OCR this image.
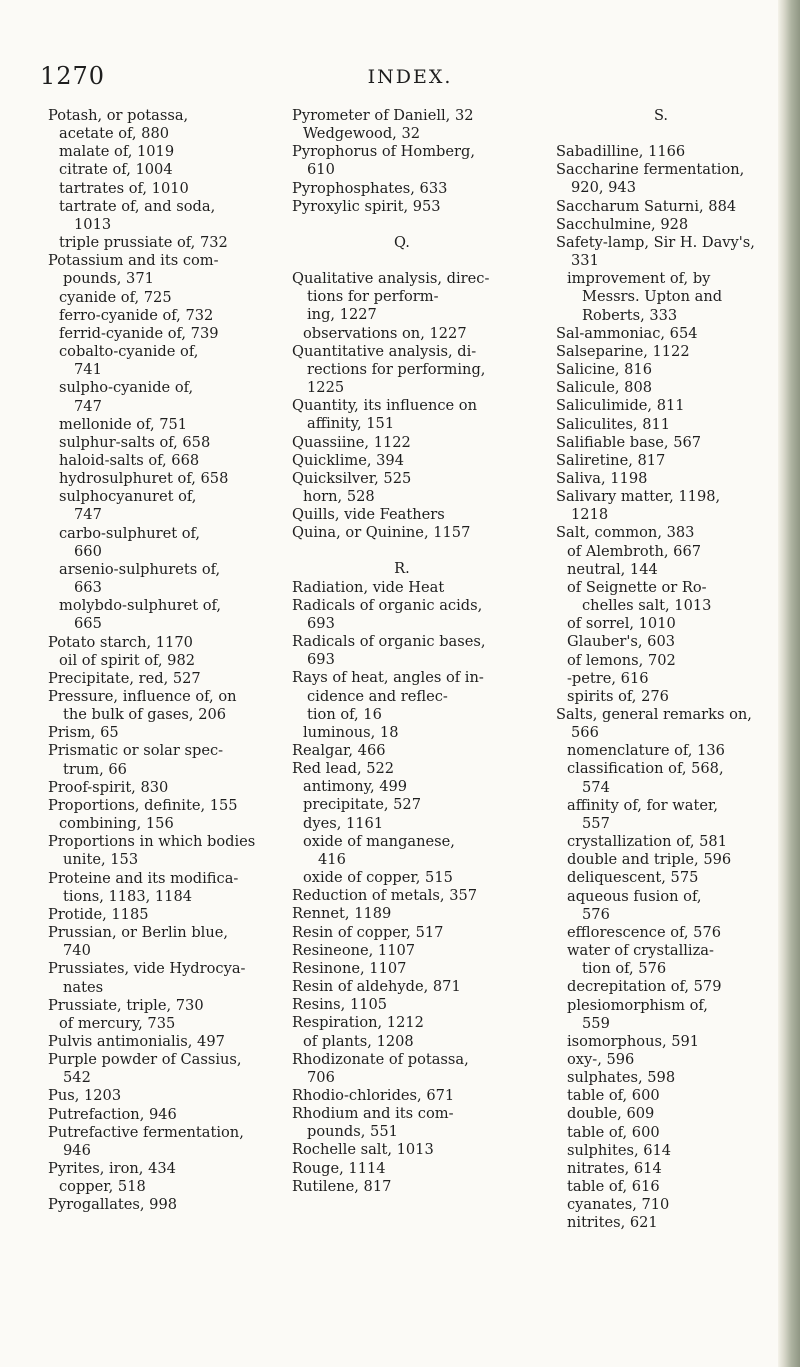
1270	INDEX.
Potash, or potassa,
acetate of, 880
malate of, 1019
citrate of, 1004
tartrates of, 1010
tartrate of, and soda,
1013
triple prussiate of, 732
Potassium and its com-
pounds, 371
cyanide of, 725
ferro-cyanide of, 732
ferrid-cyanide of, 739
cobalto-cyanide of,
741
sulpho-cyanide of,
747
mellonide of, 751
sulphur-salts of, 658
haloid-salts of, 668
hydrosulphuret of, 658
sulphocyanuret of,
747
carbo-sulphuret of,
660
arsenio-sulphurets of,
663
molybdo-sulphuret of,
665
Potato starch, 1170
oil of spirit of, 982
Precipitate, red, 527
Pressure, influence of, on
the bulk of gases, 206
Prism, 65
Prismatic or solar spec-
trum, 66
Proof-spirit, 830
Proportions, definite, 155
combining, 156
Proportions in which bodies
unite, 153
Proteine and its modifica-
tions, 1183, 1184
Protide, 1185
Prussian, or Berlin blue,
740
Prussiates, vide Hydrocya-
nates
Prussiate, triple, 730
of mercury, 735
Pulvis antimonialis, 497
Purple powder of Cassius,
542
Pus, 1203
Putrefaction, 946
Putrefactive fermentation,
946
Pyrites, iron, 434
copper, 518
Pyrogallates, 998
Pyrometer of Daniell, 32
Wedgewood, 32
Pyrophorus of Homberg,
610
Pyrophosphates, 633
Pyroxylic spirit, 953
Q.
Qualitative analysis, direc-
tions for perform-
ing, 1227
observations on, 1227
Quantitative analysis, di-
rections for performing,
1225
Quantity, its influence on
affinity, 151
Quassiine, 1122
Quicklime, 394
Quicksilver, 525
horn, 528
Quills, vide Feathers
Quina, or Quinine, 1157
R.
Radiation, vide Heat
Radicals of organic acids,
693
Radicals of organic bases,
693
Rays of heat, angles of in-
cidence and reflec-
tion of, 16
luminous, 18
Realgar, 466
Red lead, 522
antimony, 499
precipitate, 527
dyes, 1161
oxide of manganese,
416
oxide of copper, 515
Reduction of metals, 357
Rennet, 1189
Resin of copper, 517
Resineone, 1107
Resinone, 1107
Resin of aldehyde, 871
Resins, 1105
Respiration, 1212
of plants, 1208
Rhodizonate of potassa,
706
Rhodio-chlorides, 671
Rhodium and its com-
pounds, 551
Rochelle salt, 1013
Rouge, 1114
Rutilene, 817
S.
Sabadilline, 1166
Saccharine fermentation,
920, 943
Saccharum Saturni, 884
Sacchulmine, 928
Safety-lamp, Sir H. Davy's,
331
improvement of, by
Messrs. Upton and
Roberts, 333
Sal-ammoniac, 654
Salseparine, 1122
Salicine, 816
Salicule, 808
Saliculimide, 811
Saliculites, 811
Salifiable base, 567
Saliretine, 817
Saliva, 1198
Salivary matter, 1198,
1218
Salt, common, 383
of Alembroth, 667
neutral, 144
of Seignette or Ro-
chelles salt, 1013
of sorrel, 1010
Glauber's, 603
of lemons, 702
-petre, 616
spirits of, 276
Salts, general remarks on,
566
nomenclature of, 136
classification of, 568,
574
affinity of, for water,
557
crystallization of, 581
double and triple, 596
deliquescent, 575
aqueous fusion of,
576
efflorescence of, 576
water of crystalliza-
tion of, 576
decrepitation of, 579
plesiomorphism of,
559
isomorphous, 591
oxy-, 596
sulphates, 598
table of, 600
double, 609
table of, 600
sulphites, 614
nitrates, 614
table of, 616
cyanates, 710
nitrites, 621
